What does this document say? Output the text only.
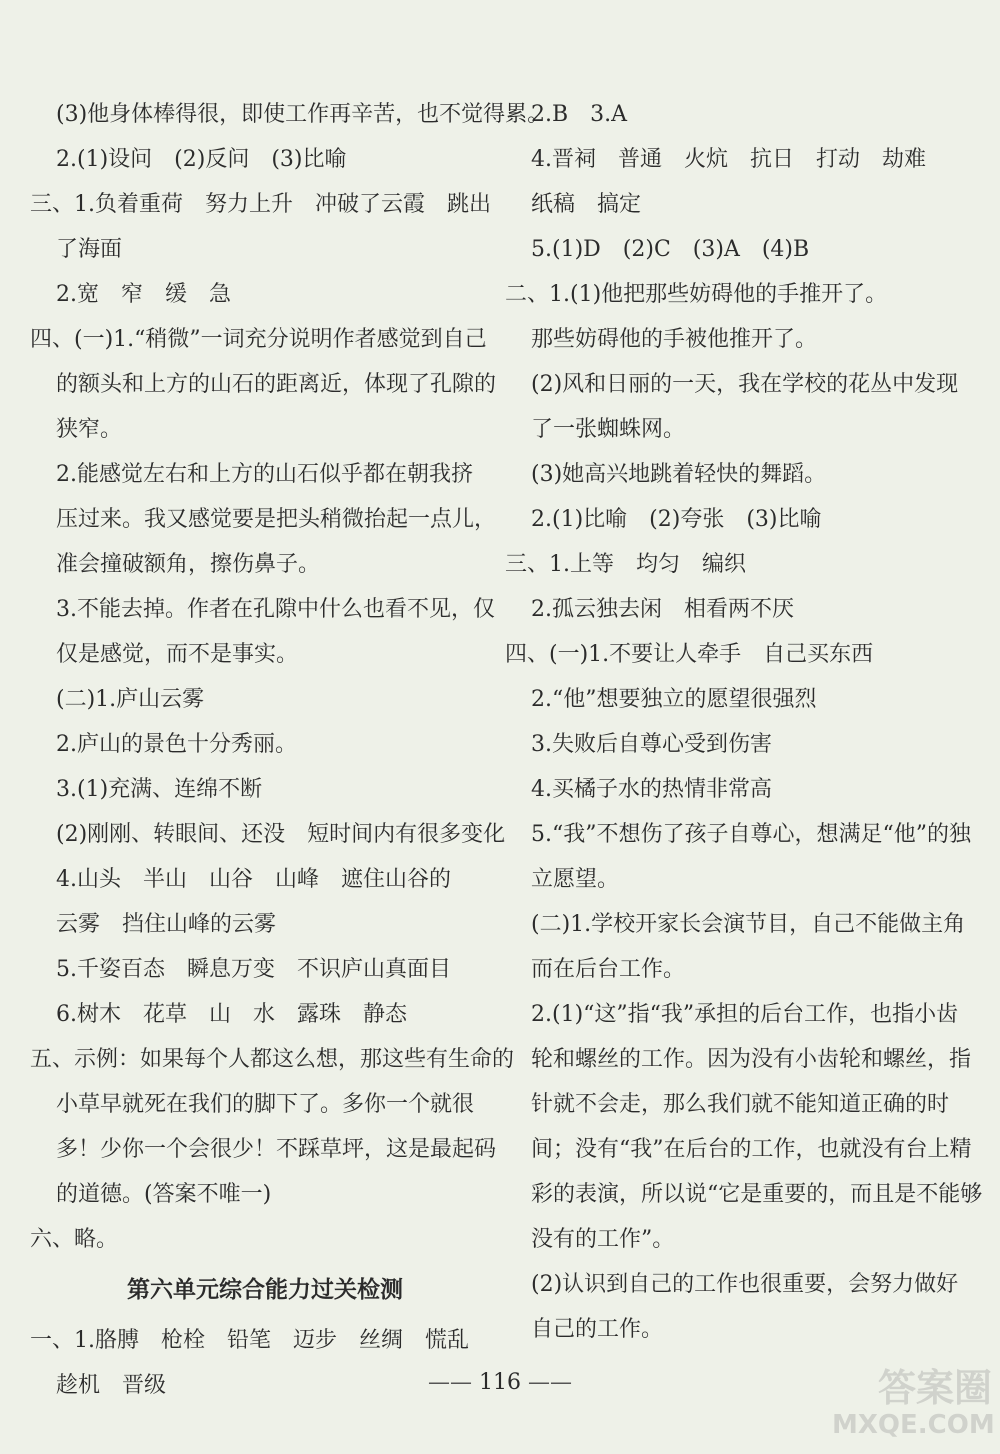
(3)他身体棒得很，即使工作再辛苦，也不觉得累。
2.(1)设问　(2)反问　(3)比喻
三、1.负着重荷　努力上升　冲破了云霞　跳出
了海面
2.宽　窄　缓　急
四、(一)1.“稍微”一词充分说明作者感觉到自己
的额头和上方的山石的距离近，体现了孔隙的
狭窄。
2.能感觉左右和上方的山石似乎都在朝我挤
压过来。我又感觉要是把头稍微抬起一点儿，
准会撞破额角，擦伤鼻子。
3.不能去掉。作者在孔隙中什么也看不见，仅
仅是感觉，而不是事实。
(二)1.庐山云雾
2.庐山的景色十分秀丽。
3.(1)充满、连绵不断
(2)刚刚、转眼间、还没　短时间内有很多变化
4.山头　半山　山谷　山峰　遮住山谷的
云雾　挡住山峰的云雾
5.千姿百态　瞬息万变　不识庐山真面目
6.树木　花草　山　水　露珠　静态
五、示例：如果每个人都这么想，那这些有生命的
小草早就死在我们的脚下了。多你一个就很
多！少你一个会很少！不踩草坪，这是最起码
的道德。(答案不唯一)
六、略。
第六单元综合能力过关检测
一、1.胳膊　枪栓　铅笔　迈步　丝绸　慌乱
趁机　晋级
2.B　3.A
4.晋祠　普通　火炕　抗日　打动　劫难
纸稿　搞定
5.(1)D　(2)C　(3)A　(4)B
二、1.(1)他把那些妨碍他的手推开了。
那些妨碍他的手被他推开了。
(2)风和日丽的一天，我在学校的花丛中发现
了一张蜘蛛网。
(3)她高兴地跳着轻快的舞蹈。
2.(1)比喻　(2)夸张　(3)比喻
三、1.上等　均匀　编织
2.孤云独去闲　相看两不厌
四、(一)1.不要让人牵手　自己买东西
2.“他”想要独立的愿望很强烈
3.失败后自尊心受到伤害
4.买橘子水的热情非常高
5.“我”不想伤了孩子自尊心，想满足“他”的独
立愿望。
(二)1.学校开家长会演节目，自己不能做主角
而在后台工作。
2.(1)“这”指“我”承担的后台工作，也指小齿
轮和螺丝的工作。因为没有小齿轮和螺丝，指
针就不会走，那么我们就不能知道正确的时
间；没有“我”在后台的工作，也就没有台上精
彩的表演，所以说“它是重要的，而且是不能够
没有的工作”。
(2)认识到自己的工作也很重要，会努力做好
自己的工作。
—— 116 ——	答案圈
MXQE.COM
